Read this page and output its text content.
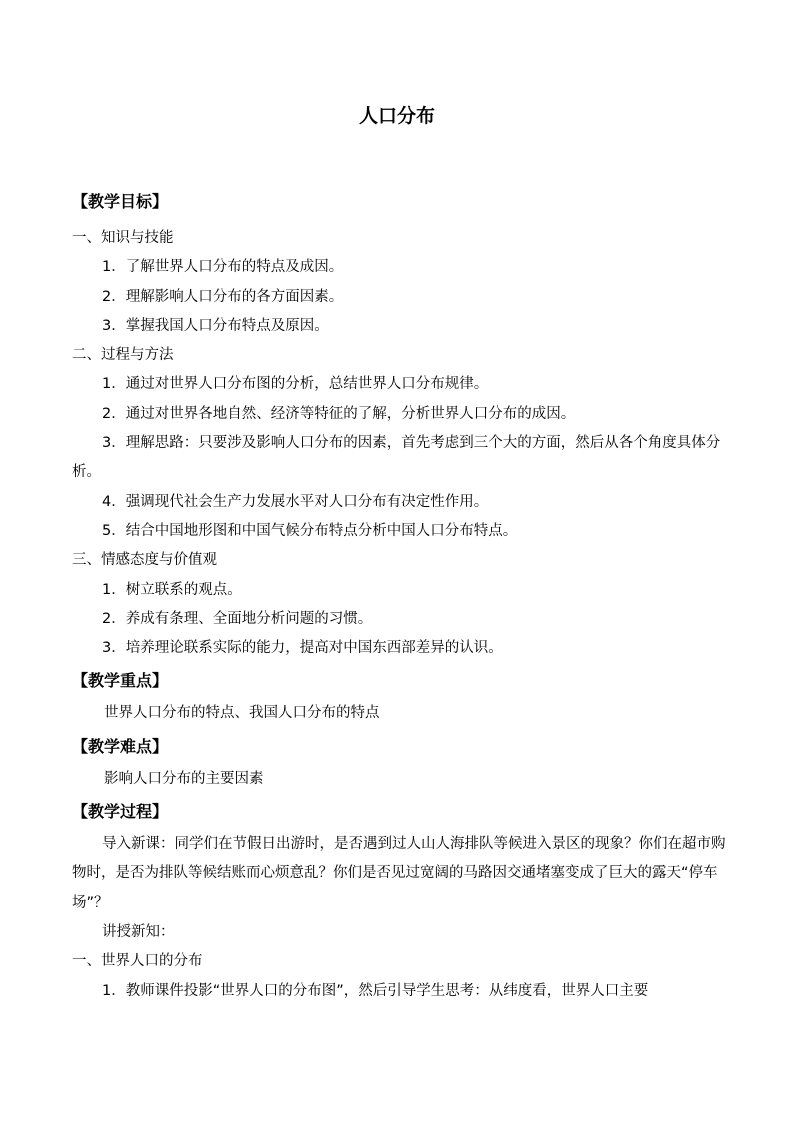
人口分布
【教学目标】
一、知识与技能
1．了解世界人口分布的特点及成因。
2．理解影响人口分布的各方面因素。
3．掌握我国人口分布特点及原因。
二、过程与方法
1．通过对世界人口分布图的分析，总结世界人口分布规律。
2．通过对世界各地自然、经济等特征的了解，分析世界人口分布的成因。
3．理解思路：只要涉及影响人口分布的因素，首先考虑到三个大的方面，然后从各个角度具体分析。
4．强调现代社会生产力发展水平对人口分布有决定性作用。
5．结合中国地形图和中国气候分布特点分析中国人口分布特点。
三、情感态度与价值观
1．树立联系的观点。
2．养成有条理、全面地分析问题的习惯。
3．培养理论联系实际的能力，提高对中国东西部差异的认识。
【教学重点】
世界人口分布的特点、我国人口分布的特点
【教学难点】
影响人口分布的主要因素
【教学过程】
导入新课：同学们在节假日出游时，是否遇到过人山人海排队等候进入景区的现象？你们在超市购物时，是否为排队等候结账而心烦意乱？你们是否见过宽阔的马路因交通堵塞变成了巨大的露天“停车场”？
讲授新知：
一、世界人口的分布
1．教师课件投影“世界人口的分布图”，然后引导学生思考：从纬度看，世界人口主要
